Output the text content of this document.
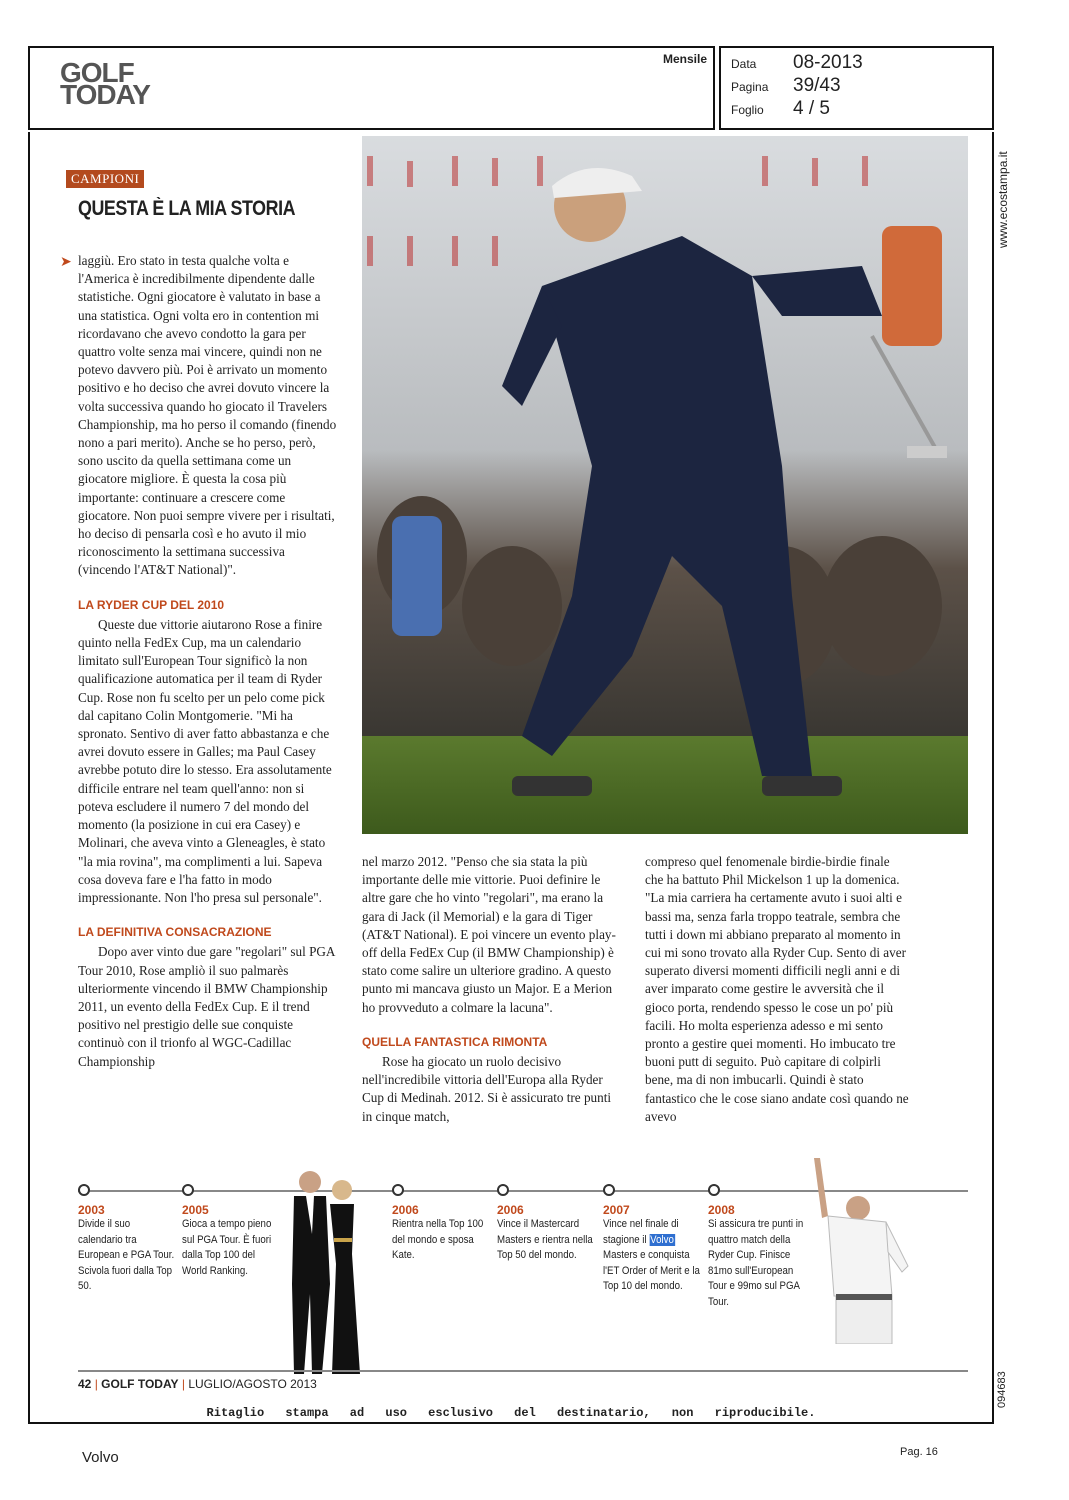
GOLF
TODAY
Mensile Data	08-2013
Pagina	39/43
Foglio	4 / 5
www.ecostampa.it
094683
CAMPIONI
QUESTA È LA MIA STORIA
➤ laggiù. Ero stato in testa qualche volta e l'America è incredibilmente dipendente dalle statistiche. Ogni giocatore è valutato in base a una statistica. Ogni volta ero in contention mi ricordavano che avevo condotto la gara per quattro volte senza mai vincere, quindi non ne potevo davvero più. Poi è arrivato un momento positivo e ho deciso che avrei dovuto vincere la volta successiva quando ho giocato il Travelers Championship, ma ho perso il comando (finendo nono a pari merito). Anche se ho perso, però, sono uscito da quella settimana come un giocatore migliore. È questa la cosa più importante: continuare a crescere come giocatore. Non puoi sempre vivere per i risultati, ho deciso di pensarla così e ho avuto il mio riconoscimento la settimana successiva (vincendo l'AT&T National)".

LA RYDER CUP DEL 2010

Queste due vittorie aiutarono Rose a finire quinto nella FedEx Cup, ma un calendario limitato sull'European Tour significò la non qualificazione automatica per il team di Ryder Cup. Rose non fu scelto per un pelo come pick dal capitano Colin Montgomerie. "Mi ha spronato. Sentivo di aver fatto abbastanza e che avrei dovuto essere in Galles; ma Paul Casey avrebbe potuto dire lo stesso. Era assolutamente difficile entrare nel team quell'anno: non si poteva escludere il numero 7 del mondo del momento (la posizione in cui era Casey) e Molinari, che aveva vinto a Gleneagles, è stato "la mia rovina", ma complimenti a lui. Sapeva cosa doveva fare e l'ha fatto in modo impressionante. Non l'ho presa sul personale".

LA DEFINITIVA CONSACRAZIONE

Dopo aver vinto due gare "regolari" sul PGA Tour 2010, Rose ampliò il suo palmarès ulteriormente vincendo il BMW Championship 2011, un evento della FedEx Cup. E il trend positivo nel prestigio delle sue conquiste continuò con il trionfo al WGC-Cadillac Championship

nel marzo 2012. "Penso che sia stata la più importante delle mie vittorie. Puoi definire le altre gare che ho vinto "regolari", ma erano la gara di Jack (il Memorial) e la gara di Tiger (AT&T National). E poi vincere un evento play-off della FedEx Cup (il BMW Championship) è stato come salire un ulteriore gradino. A questo punto mi mancava giusto un Major. E a Merion ho provveduto a colmare la lacuna".

QUELLA FANTASTICA RIMONTA

Rose ha giocato un ruolo decisivo nell'incredibile vittoria dell'Europa alla Ryder Cup di Medinah. 2012. Si è assicurato tre punti in cinque match,

compreso quel fenomenale birdie-birdie finale che ha battuto Phil Mickelson 1 up la domenica. "La mia carriera ha certamente avuto i suoi alti e bassi ma, senza farla troppo teatrale, sembra che tutti i down mi abbiano preparato al momento in cui mi sono trovato alla Ryder Cup. Sento di aver superato diversi momenti difficili negli anni e di aver imparato come gestire le avversità che il gioco porta, rendendo spesso le cose un po' più facili. Ho molta esperienza adesso e mi sento pronto a gestire quei momenti. Ho imbucato tre buoni putt di seguito. Può capitare di colpirli bene, ma di non imbucarli. Quindi è stato fantastico che le cose siano andate così quando ne avevo

2003
Divide il suo calendario tra European e PGA Tour. Scivola fuori dalla Top 50.
2005
Gioca a tempo pieno sul PGA Tour. È fuori dalla Top 100 del World Ranking.
2006
Rientra nella Top 100 del mondo e sposa Kate.
2006
Vince il Mastercard Masters e rientra nella Top 50 del mondo.
2007
Vince nel finale di stagione il Volvo Masters e conquista l'ET Order of Merit e la Top 10 del mondo.
2008
Si assicura tre punti in quattro match della Ryder Cup. Finisce 81mo sull'European Tour e 99mo sul PGA Tour.
42 | GOLF TODAY | LUGLIO/AGOSTO 2013
Ritaglio stampa ad uso esclusivo del destinatario, non riproducibile.
Volvo	Pag. 16
